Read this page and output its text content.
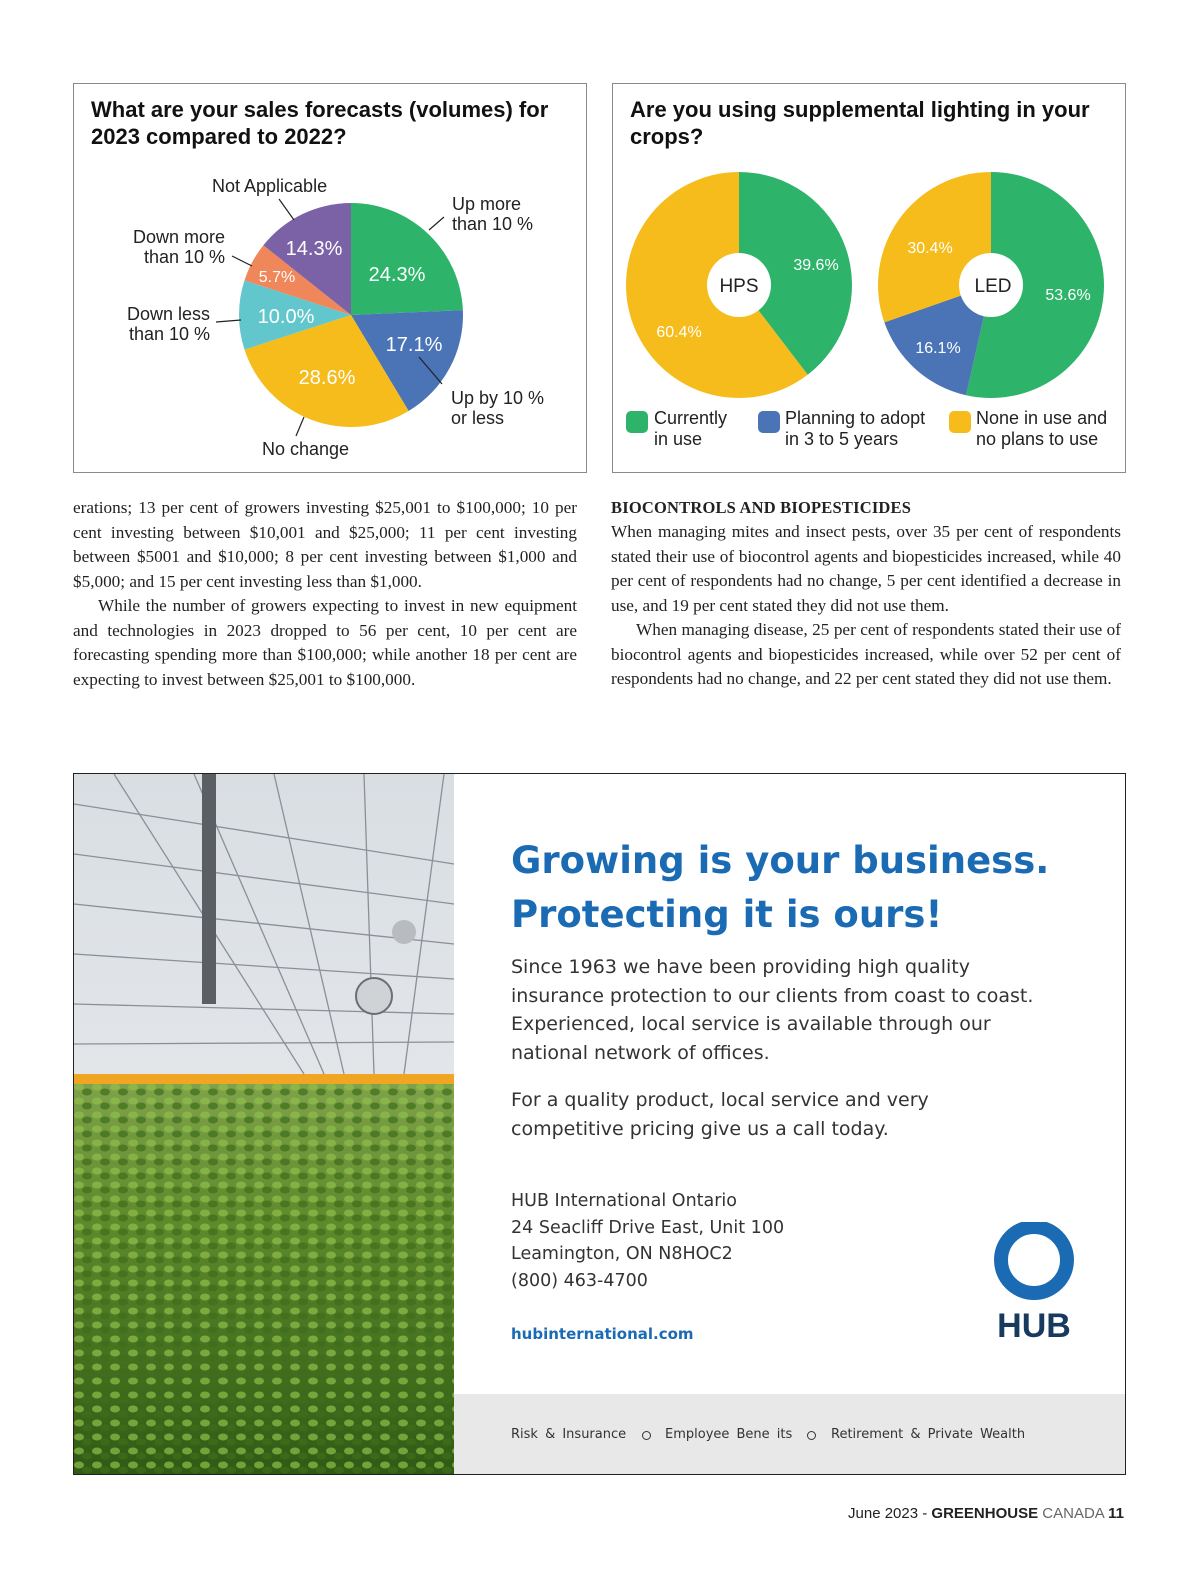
What are your sales forecasts (volumes) for 2023 compared to 2022?
Up more than 10 %
Up by 10 % or less
No change
Down less than 10 %
Down more than 10 %
Not Applicable
24.3%
17.1%
28.6%
10.0%
5.7%
14.3%
Are you using supplemental lighting in your crops?
HPS	LED
39.6%
60.4%
53.6%
16.1%
30.4%
Currently
in use
Planning to adopt
in 3 to 5 years
None in use and
no plans to use

erations; 13 per cent of growers investing $25,001 to $100,000; 10 per cent investing between $10,001 and $25,000; 11 per cent investing between $5001 and $10,000; 8 per cent investing between $1,000 and $5,000; and 15 per cent investing less than $1,000.

While the number of growers expecting to invest in new equipment and technologies in 2023 dropped to 56 per cent, 10 per cent are forecasting spending more than $100,000; while another 18 per cent are expecting to invest between $25,001 to $100,000.

BIOCONTROLS AND BIOPESTICIDES

When managing mites and insect pests, over 35 per cent of respondents stated their use of biocontrol agents and biopesticides increased, while 40 per cent of respondents had no change, 5 per cent identified a decrease in use, and 19 per cent stated they did not use them.

When managing disease, 25 per cent of respondents stated their use of biocontrol agents and biopesticides increased, while over 52 per cent of respondents had no change, and 22 per cent stated they did not use them.

Growing is your business.
Protecting it is ours!
Since 1963 we have been providing high quality insurance protection to our clients from coast to coast. Experienced, local service is available through our national network of offices.
For a quality product, local service and very competitive pricing give us a call today.
HUB International Ontario
24 Seacliff Drive East, Unit 100
Leamington, ON N8HOC2
(800) 463-4700
hubinternational.com	HUB
Risk & Insurance	Employee Bene its	Retirement & Private Wealth
June 2023 - GREENHOUSE CANADA 11
